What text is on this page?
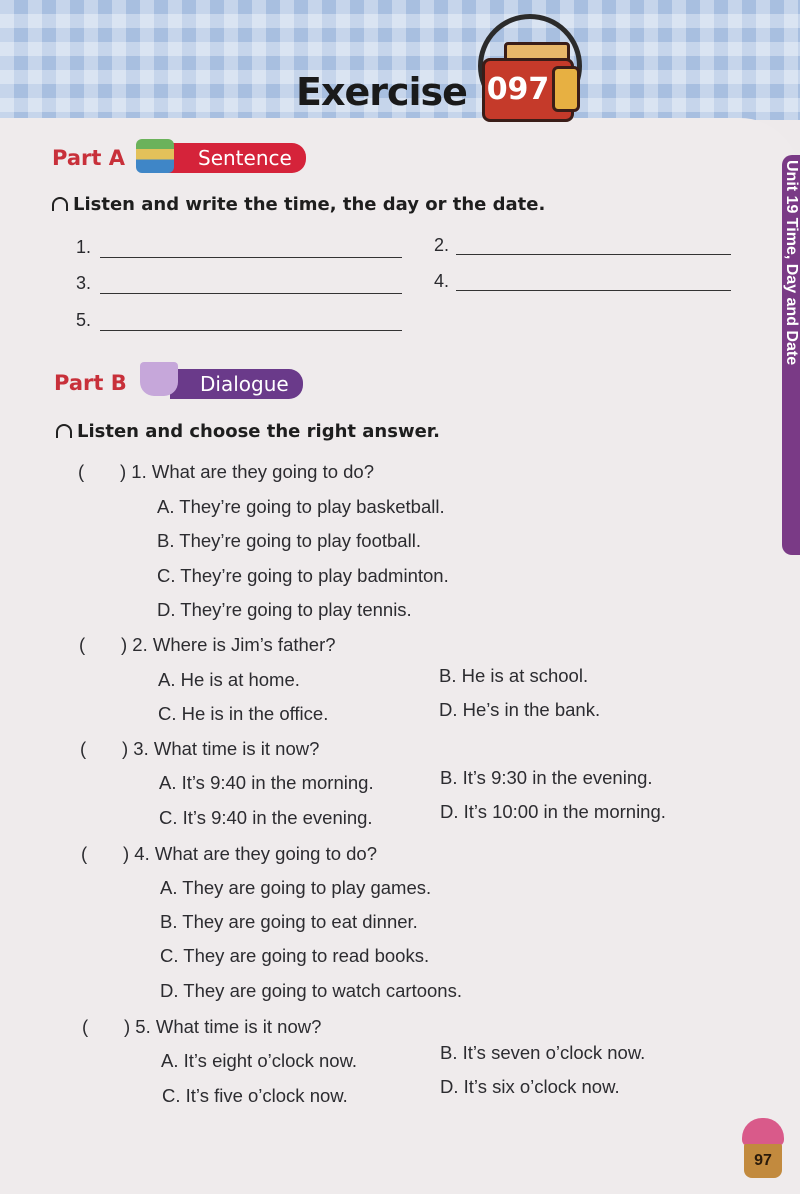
Exercise 097
Unit 19 Time, Day and Date
Part A	Sentence
Listen and write the time, the day or the date.
1.	2.
3.	4.
5.
Part B	Dialogue
Listen and choose the right answer.
( ) 1. What are they going to do?
A. They’re going to play basketball.
B. They’re going to play football.
C. They’re going to play badminton.
D. They’re going to play tennis.
( ) 2. Where is Jim’s father?
A. He is at home.	B. He is at school.
C. He is in the office.	D. He’s in the bank.
( ) 3. What time is it now?
A. It’s 9:40 in the morning.	B. It’s 9:30 in the evening.
C. It’s 9:40 in the evening.	D. It’s 10:00 in the morning.
( ) 4. What are they going to do?
A. They are going to play games.
B. They are going to eat dinner.
C. They are going to read books.
D. They are going to watch cartoons.
( ) 5. What time is it now?
A. It’s eight o’clock now.	B. It’s seven o’clock now.
C. It’s five o’clock now.	D. It’s six o’clock now.
97
